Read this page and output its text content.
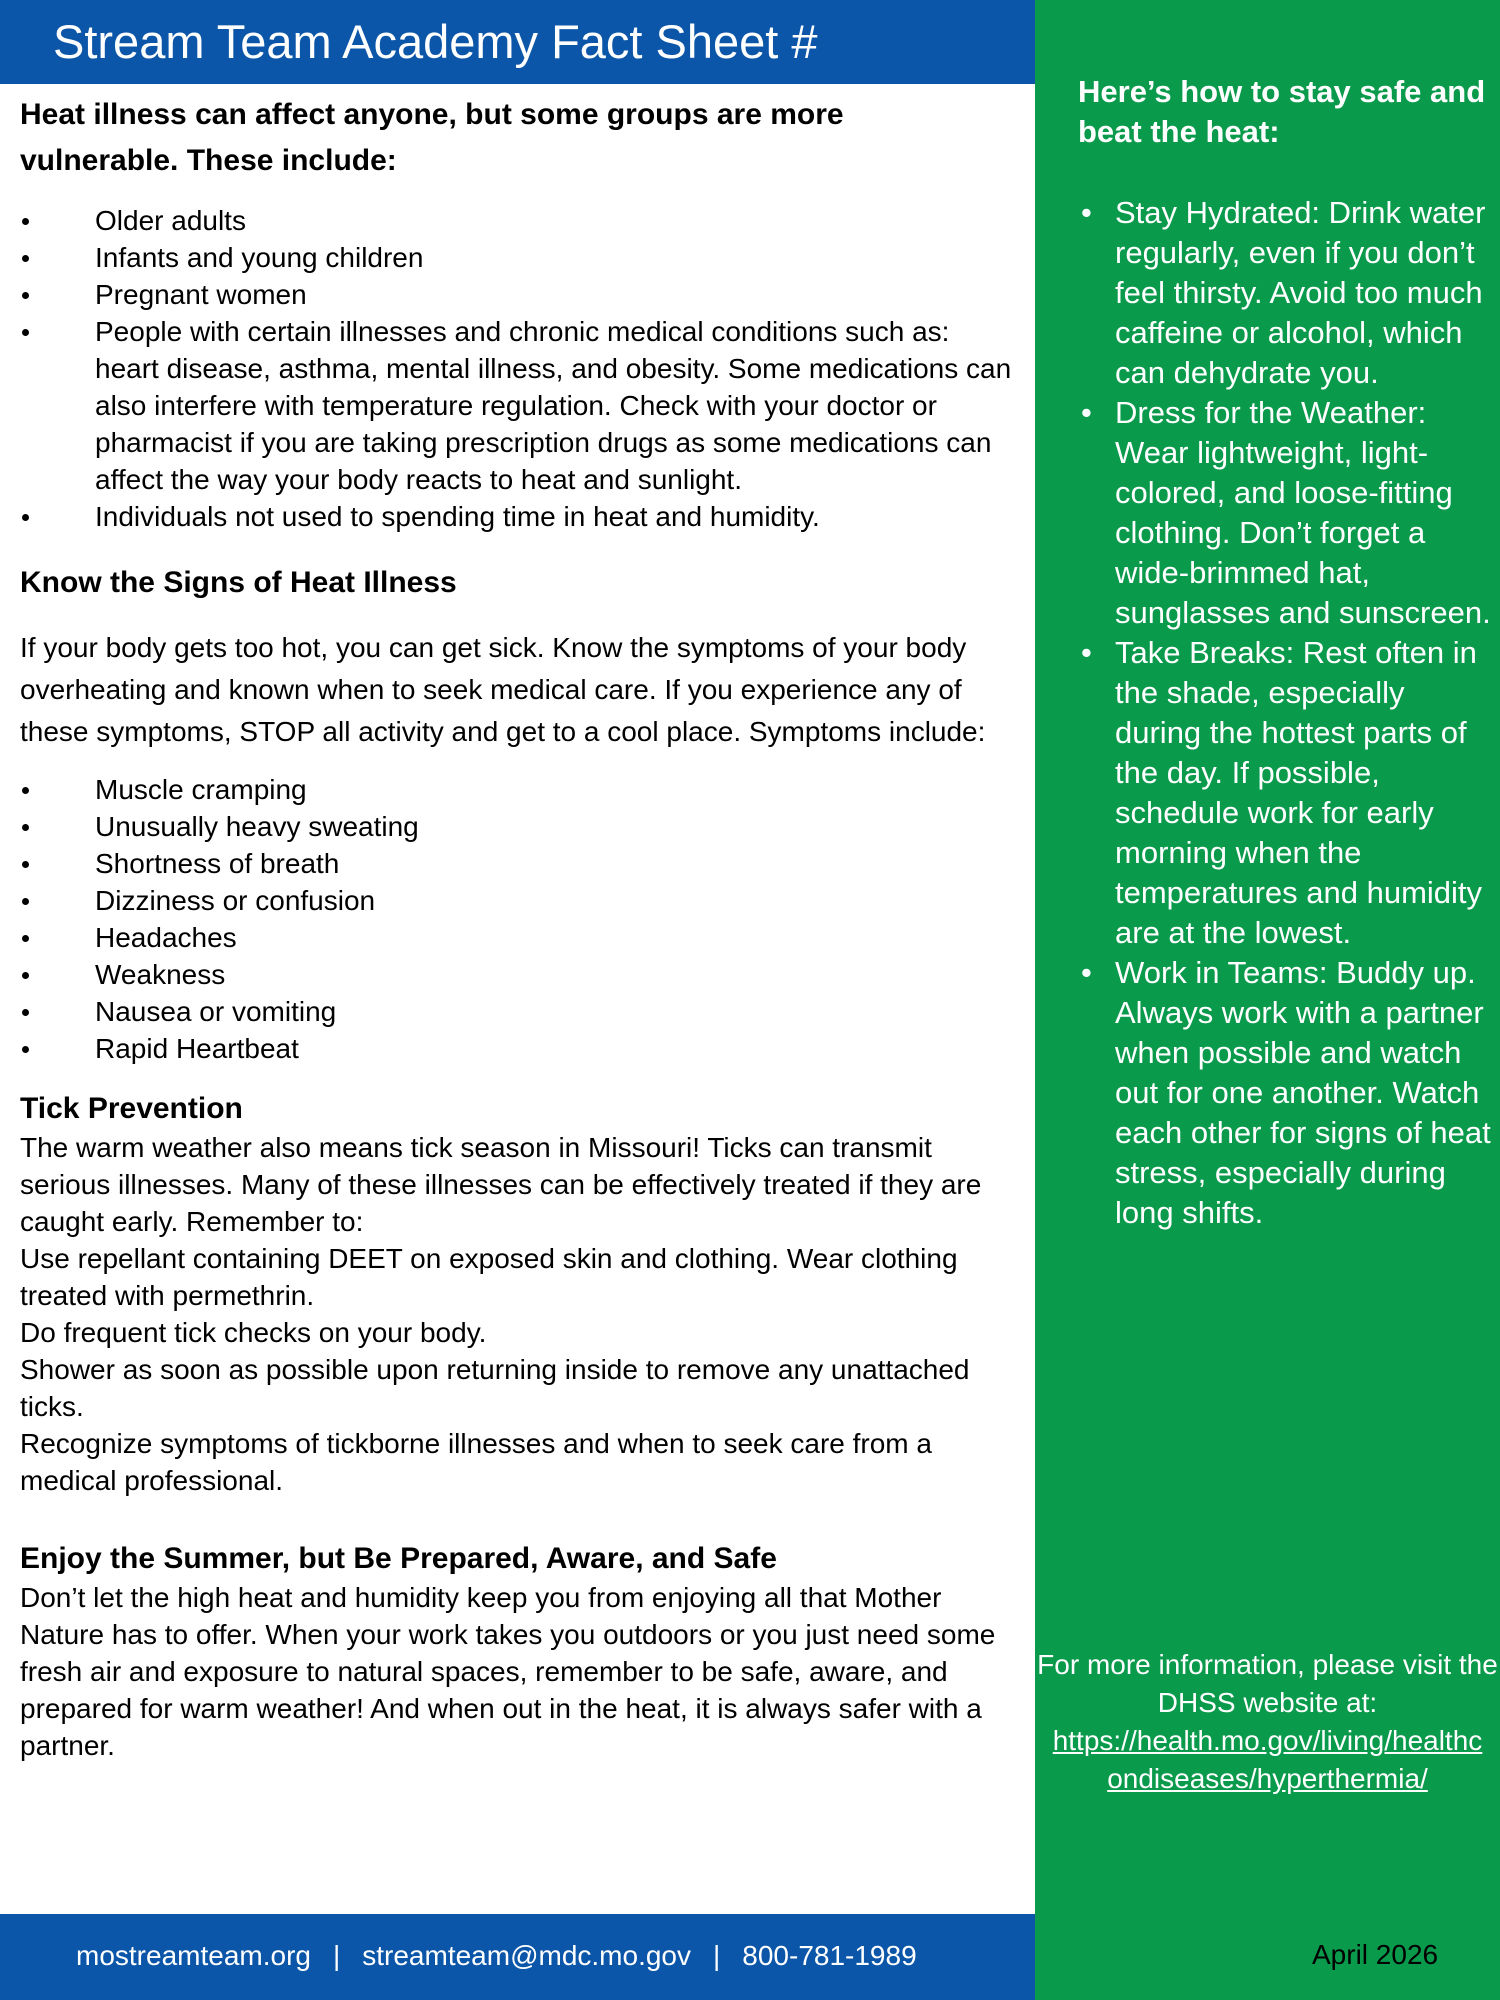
Stream Team Academy Fact Sheet #

Heat illness can affect anyone, but some groups are more vulnerable. These include:

Older adults
Infants and young children
Pregnant women
People with certain illnesses and chronic medical conditions such as: heart disease, asthma, mental illness, and obesity. Some medications can also interfere with temperature regulation. Check with your doctor or pharmacist if you are taking prescription drugs as some medications can affect the way your body reacts to heat and sunlight.
Individuals not used to spending time in heat and humidity.
Know the Signs of Heat Illness

If your body gets too hot, you can get sick. Know the symptoms of your body overheating and known when to seek medical care. If you experience any of these symptoms, STOP all activity and get to a cool place. Symptoms include:

Muscle cramping
Unusually heavy sweating
Shortness of breath
Dizziness or confusion
Headaches
Weakness
Nausea or vomiting
Rapid Heartbeat
Tick Prevention

The warm weather also means tick season in Missouri! Ticks can transmit serious illnesses. Many of these illnesses can be effectively treated if they are caught early. Remember to:

Use repellant containing DEET on exposed skin and clothing. Wear clothing treated with permethrin.

Do frequent tick checks on your body.

Shower as soon as possible upon returning inside to remove any unattached ticks.

Recognize symptoms of tickborne illnesses and when to seek care from a medical professional.

Enjoy the Summer, but Be Prepared, Aware, and Safe

Don’t let the high heat and humidity keep you from enjoying all that Mother Nature has to offer. When your work takes you outdoors or you just need some fresh air and exposure to natural spaces, remember to be safe, aware, and prepared for warm weather! And when out in the heat, it is always safer with a partner.

Here’s how to stay safe and beat the heat:
• Stay Hydrated: Drink water regularly, even if you don’t feel thirsty. Avoid too much caffeine or alcohol, which can dehydrate you.
• Dress for the Weather: Wear lightweight, light-colored, and loose-fitting clothing. Don’t forget a wide-brimmed hat, sunglasses and sunscreen.
• Take Breaks: Rest often in the shade, especially during the hottest parts of the day. If possible, schedule work for early morning when the temperatures and humidity are at the lowest.
• Work in Teams: Buddy up. Always work with a partner when possible and watch out for one another. Watch each other for signs of heat stress, especially during long shifts.
For more information, please visit the DHSS website at:
https://health.mo.gov/living/healthcondiseases/hyperthermia/
April 2026
mostreamteam.org | streamteam@mdc.mo.gov | 800-781-1989
